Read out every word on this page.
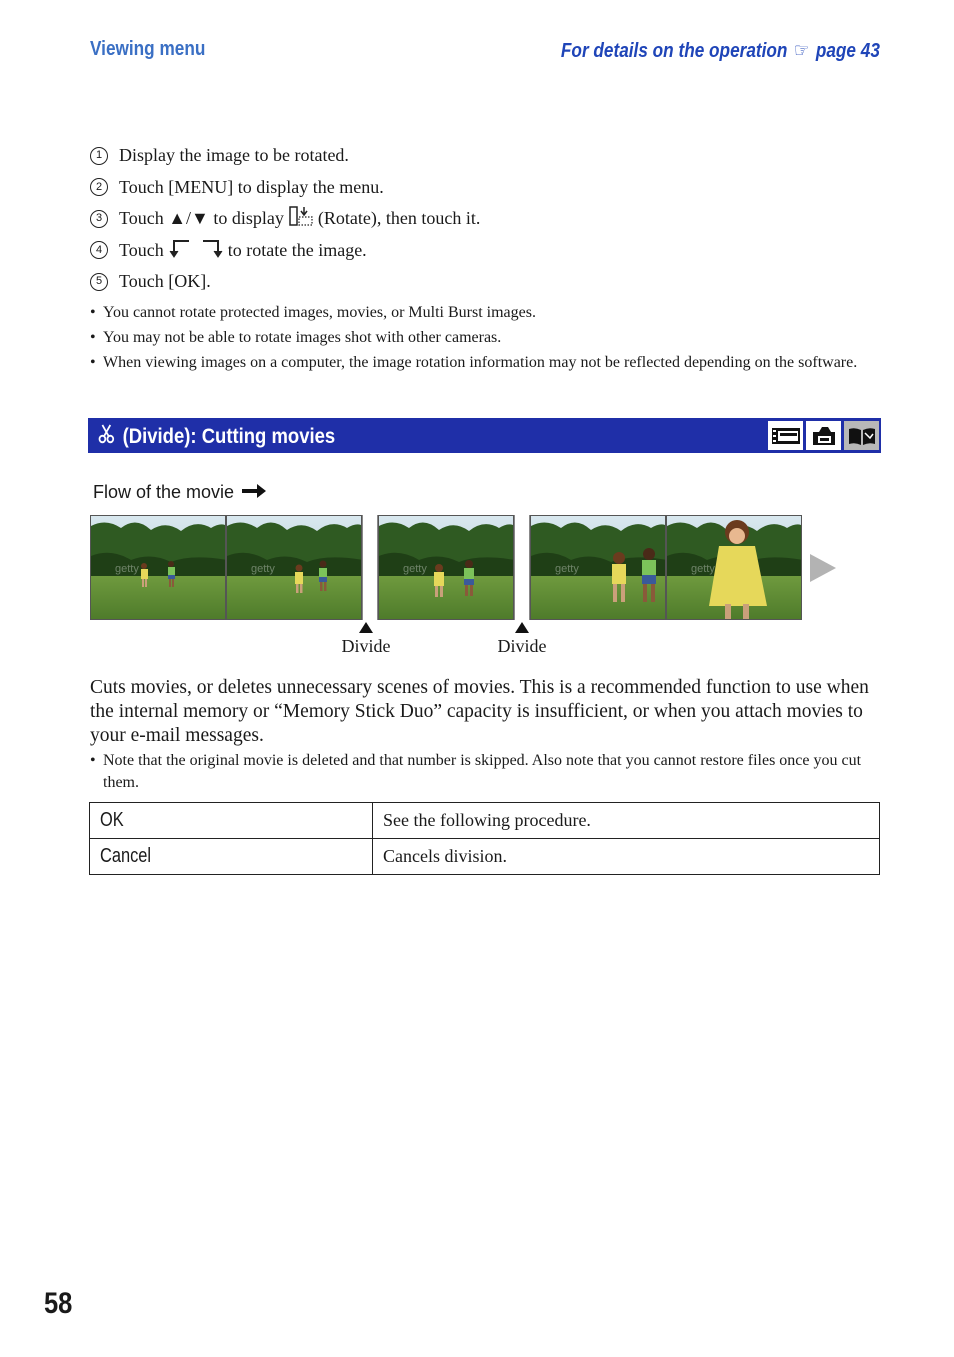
Viewing menu	For details on the operation ☞ page 43
1 Display the image to be rotated.
2 Touch [MENU] to display the menu.
3 Touch ▲/▼ to display (Rotate), then touch it.
4 Touch	to rotate the image.
5 Touch [OK].
• You cannot rotate protected images, movies, or Multi Burst images.
• You may not be able to rotate images shot with other cameras.
• When viewing images on a computer, the image rotation information may not be reflected depending on the software.
(Divide): Cutting movies
Flow of the movie
Divide	Divide
Cuts movies, or deletes unnecessary scenes of movies. This is a recommended function to use when the internal memory or “Memory Stick Duo” capacity is insufficient, or when you attach movies to your e-mail messages.
• Note that the original movie is deleted and that number is skipped. Also note that you cannot restore files once you cut them.
OK	See the following procedure.
Cancel	Cancels division.
58
